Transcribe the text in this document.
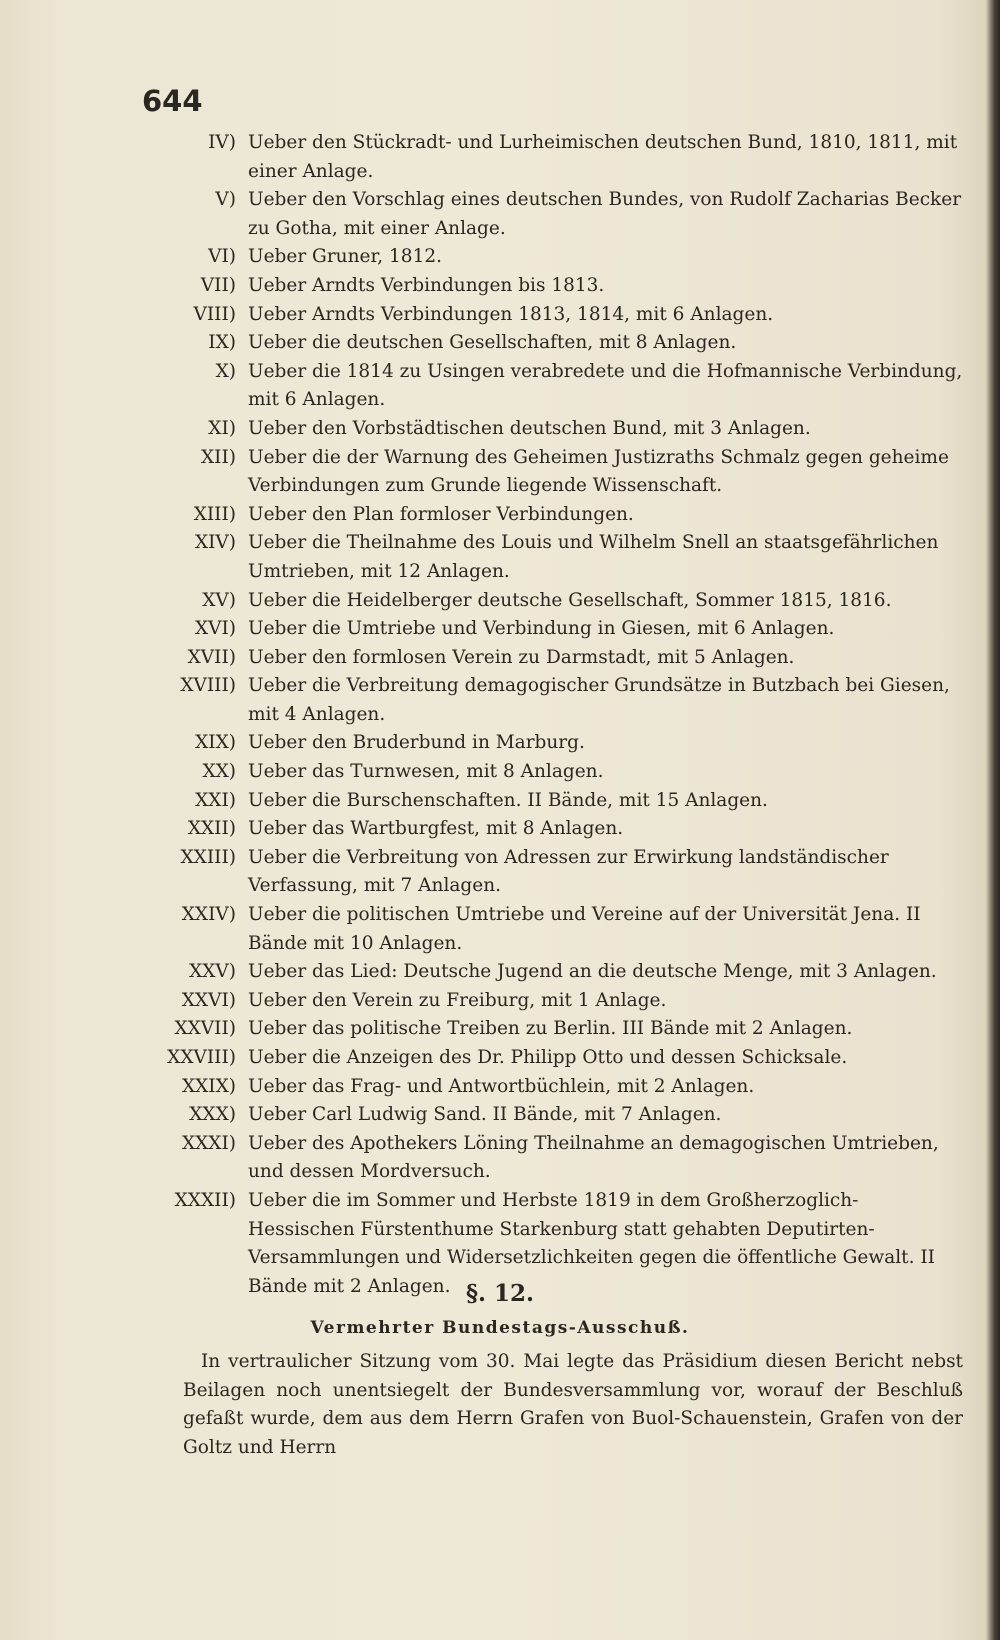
644
IV) Ueber den Stückradt- und Lurheimischen deutschen Bund, 1810, 1811, mit einer Anlage.
V) Ueber den Vorschlag eines deutschen Bundes, von Rudolf Zacharias Becker zu Gotha, mit einer Anlage.
VI) Ueber Gruner, 1812.
VII) Ueber Arndts Verbindungen bis 1813.
VIII) Ueber Arndts Verbindungen 1813, 1814, mit 6 Anlagen.
IX) Ueber die deutschen Gesellschaften, mit 8 Anlagen.
X) Ueber die 1814 zu Usingen verabredete und die Hofmannische Verbindung, mit 6 Anlagen.
XI) Ueber den Vorbstädtischen deutschen Bund, mit 3 Anlagen.
XII) Ueber die der Warnung des Geheimen Justizraths Schmalz gegen geheime Verbindungen zum Grunde liegende Wissenschaft.
XIII) Ueber den Plan formloser Verbindungen.
XIV) Ueber die Theilnahme des Louis und Wilhelm Snell an staatsgefährlichen Umtrieben, mit 12 Anlagen.
XV) Ueber die Heidelberger deutsche Gesellschaft, Sommer 1815, 1816.
XVI) Ueber die Umtriebe und Verbindung in Giesen, mit 6 Anlagen.
XVII) Ueber den formlosen Verein zu Darmstadt, mit 5 Anlagen.
XVIII) Ueber die Verbreitung demagogischer Grundsätze in Butzbach bei Giesen, mit 4 Anlagen.
XIX) Ueber den Bruderbund in Marburg.
XX) Ueber das Turnwesen, mit 8 Anlagen.
XXI) Ueber die Burschenschaften. II Bände, mit 15 Anlagen.
XXII) Ueber das Wartburgfest, mit 8 Anlagen.
XXIII) Ueber die Verbreitung von Adressen zur Erwirkung landständischer Verfassung, mit 7 Anlagen.
XXIV) Ueber die politischen Umtriebe und Vereine auf der Universität Jena. II Bände mit 10 Anlagen.
XXV) Ueber das Lied: Deutsche Jugend an die deutsche Menge, mit 3 Anlagen.
XXVI) Ueber den Verein zu Freiburg, mit 1 Anlage.
XXVII) Ueber das politische Treiben zu Berlin. III Bände mit 2 Anlagen.
XXVIII) Ueber die Anzeigen des Dr. Philipp Otto und dessen Schicksale.
XXIX) Ueber das Frag- und Antwortbüchlein, mit 2 Anlagen.
XXX) Ueber Carl Ludwig Sand. II Bände, mit 7 Anlagen.
XXXI) Ueber des Apothekers Löning Theilnahme an demagogischen Umtrieben, und dessen Mordversuch.
XXXII) Ueber die im Sommer und Herbste 1819 in dem Großherzoglich-Hessischen Fürstenthume Starkenburg statt gehabten Deputirten-Versammlungen und Widersetzlichkeiten gegen die öffentliche Gewalt. II Bände mit 2 Anlagen. §. 12.
Vermehrter Bundestags-Ausschuß.
In vertraulicher Sitzung vom 30. Mai legte das Präsidium diesen Bericht nebst Beilagen noch unentsiegelt der Bundesversammlung vor, worauf der Beschluß gefaßt wurde, dem aus dem Herrn Grafen von Buol-Schauenstein, Grafen von der Goltz und Herrn
